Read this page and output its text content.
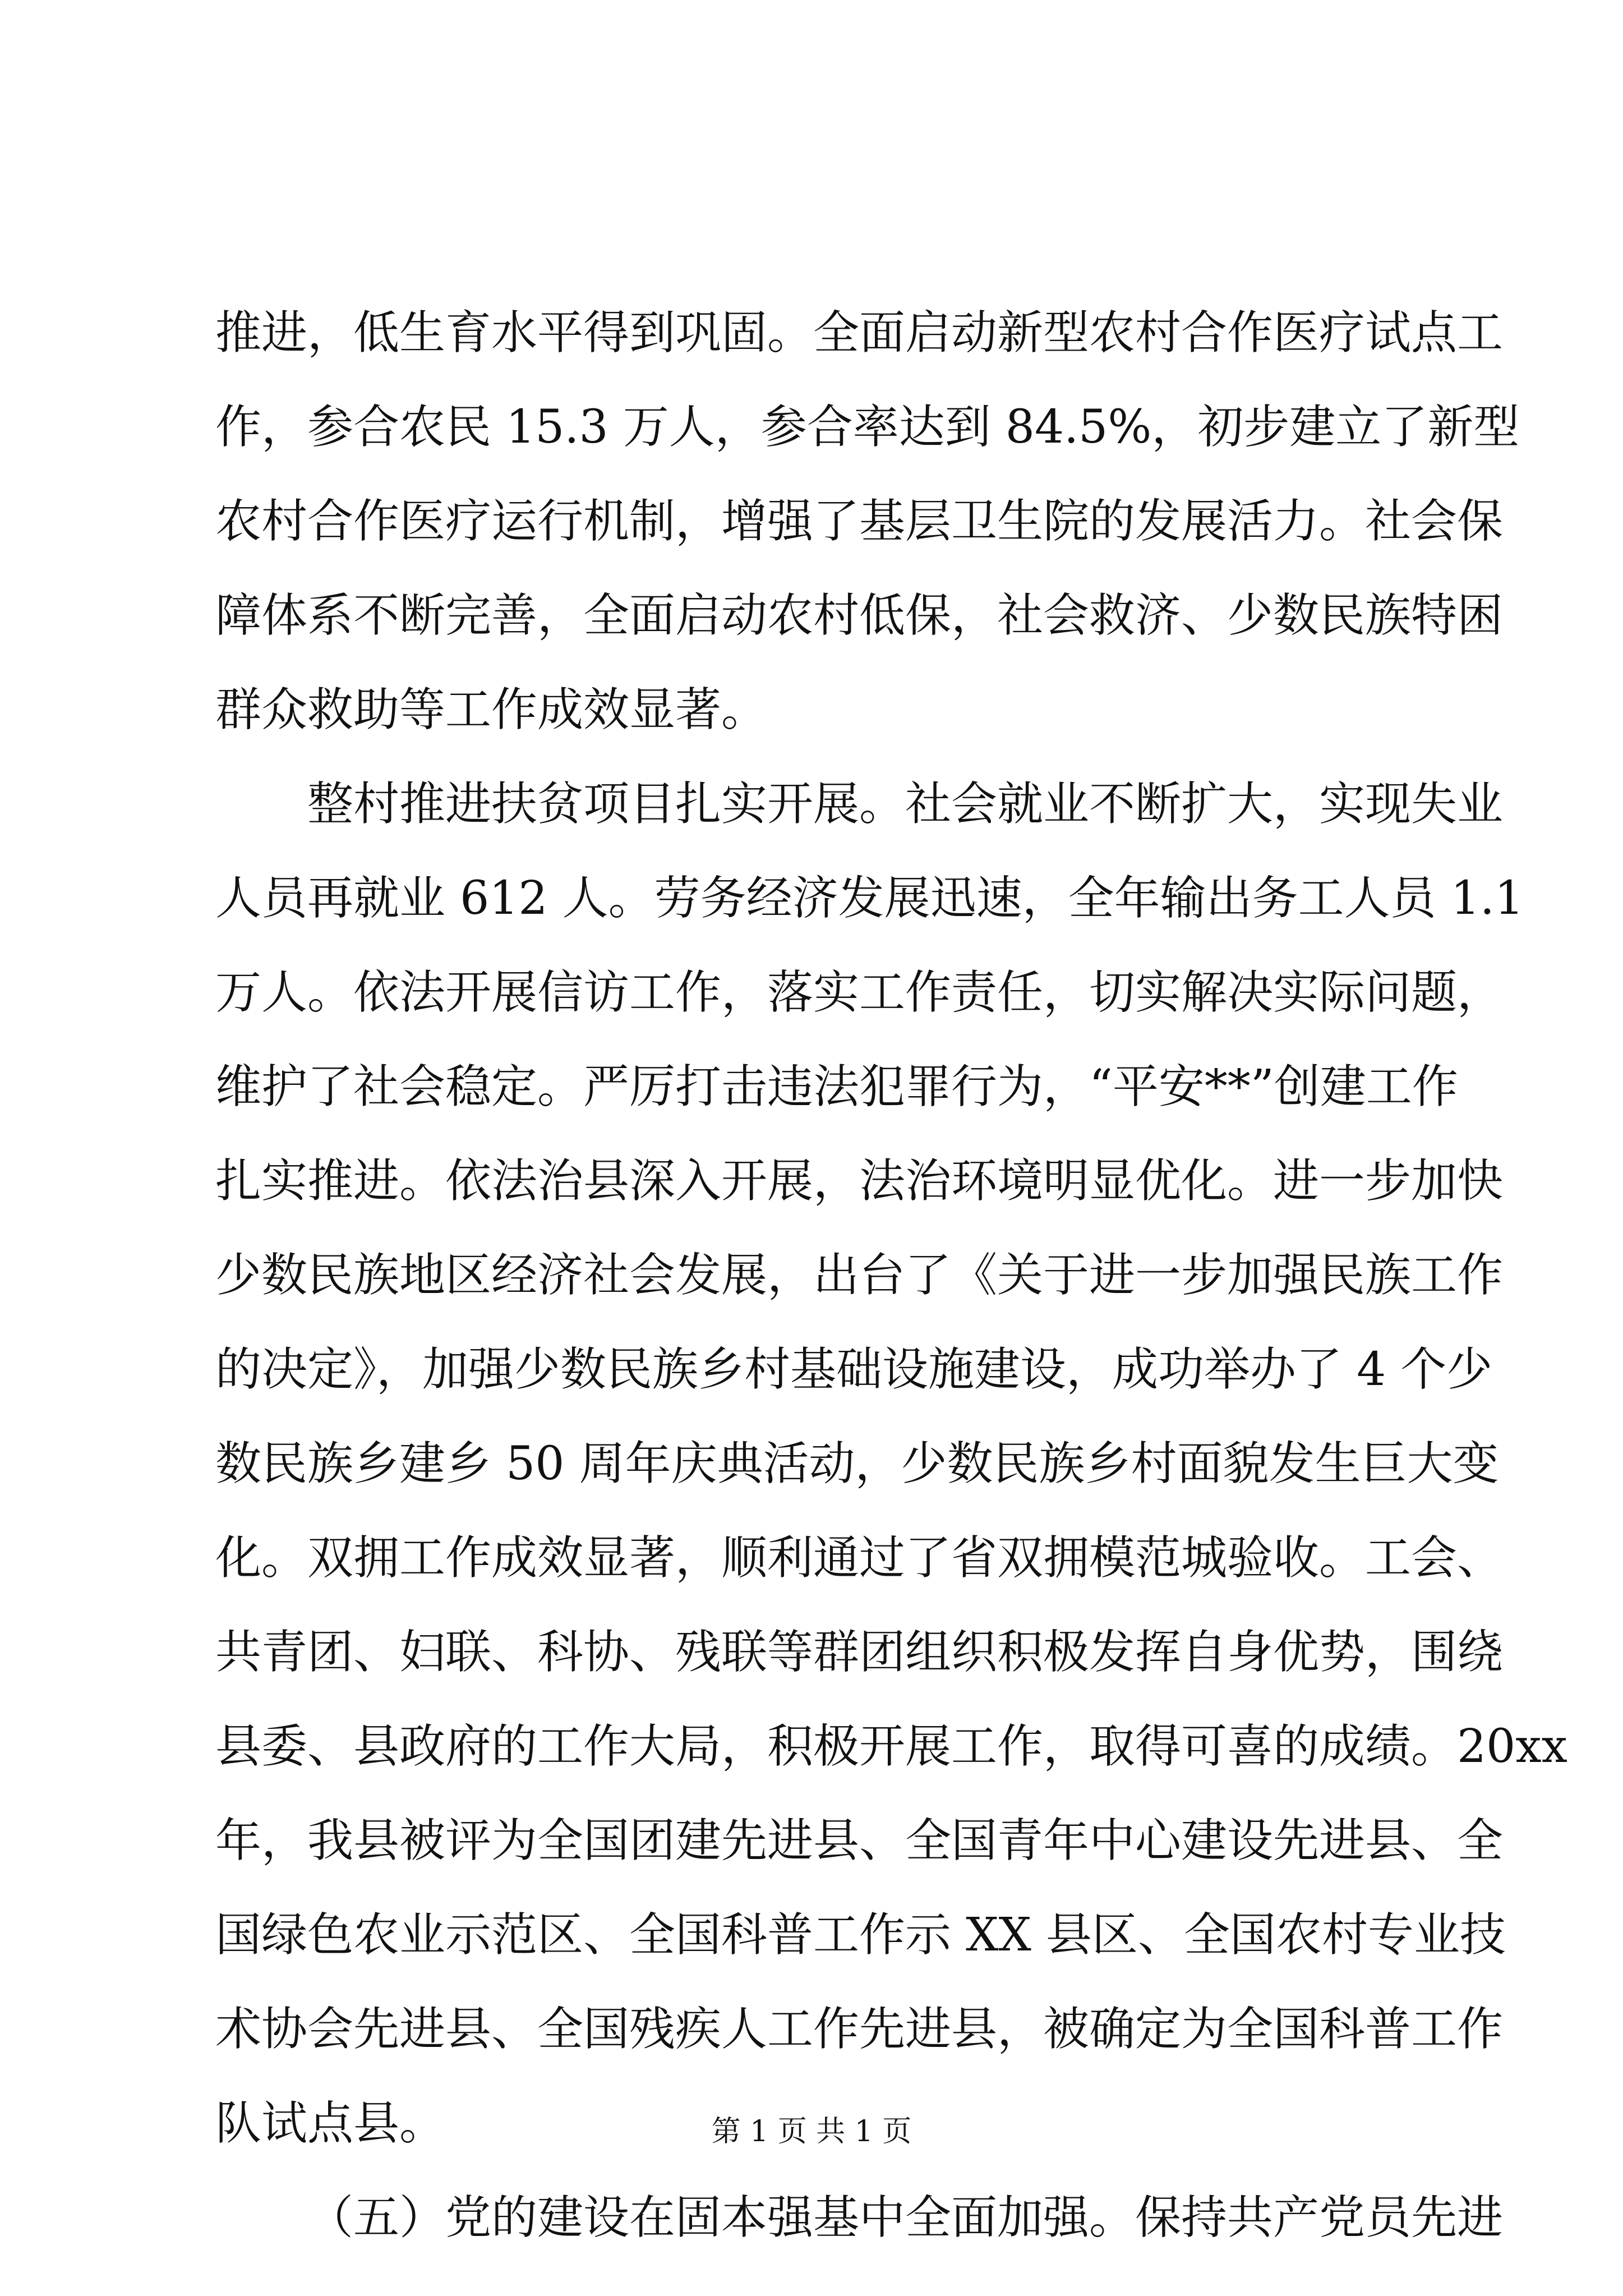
推进，低生育水平得到巩固。全面启动新型农村合作医疗试点工
作，参合农民 15.3 万人，参合率达到 84.5%，初步建立了新型
农村合作医疗运行机制，增强了基层卫生院的发展活力。社会保
障体系不断完善，全面启动农村低保，社会救济、少数民族特困
群众救助等工作成效显著。
整村推进扶贫项目扎实开展。社会就业不断扩大，实现失业
人员再就业 612 人。劳务经济发展迅速，全年输出务工人员 1.1
万人。依法开展信访工作，落实工作责任，切实解决实际问题，
维护了社会稳定。严厉打击违法犯罪行为，“平安**”创建工作
扎实推进。依法治县深入开展，法治环境明显优化。进一步加快
少数民族地区经济社会发展，出台了《关于进一步加强民族工作
的决定》，加强少数民族乡村基础设施建设，成功举办了 4 个少
数民族乡建乡 50 周年庆典活动，少数民族乡村面貌发生巨大变
化。双拥工作成效显著，顺利通过了省双拥模范城验收。工会、
共青团、妇联、科协、残联等群团组织积极发挥自身优势，围绕
县委、县政府的工作大局，积极开展工作，取得可喜的成绩。20xx
年，我县被评为全国团建先进县、全国青年中心建设先进县、全
国绿色农业示范区、全国科普工作示 XX 县区、全国农村专业技
术协会先进县、全国残疾人工作先进县，被确定为全国科普工作
队试点县。
（五）党的建设在固本强基中全面加强。保持共产党员先进
第 1 页 共 1 页
